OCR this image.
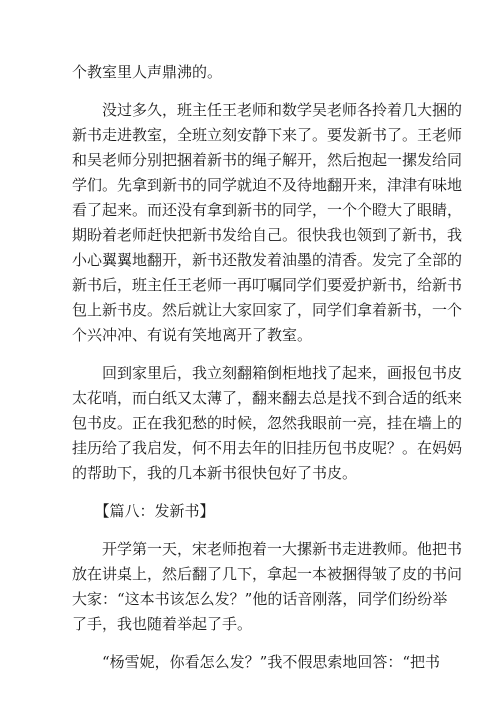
个教室里人声鼎沸的。
　　没过多久，班主任王老师和数学吴老师各拎着几大捆的
新书走进教室，全班立刻安静下来了。要发新书了。王老师
和吴老师分别把捆着新书的绳子解开，然后抱起一摞发给同
学们。先拿到新书的同学就迫不及待地翻开来，津津有味地
看了起来。而还没有拿到新书的同学，一个个瞪大了眼睛，
期盼着老师赶快把新书发给自己。很快我也领到了新书，我
小心翼翼地翻开，新书还散发着油墨的清香。发完了全部的
新书后，班主任王老师一再叮嘱同学们要爱护新书，给新书
包上新书皮。然后就让大家回家了，同学们拿着新书，一个
个兴冲冲、有说有笑地离开了教室。
　　回到家里后，我立刻翻箱倒柜地找了起来，画报包书皮
太花哨，而白纸又太薄了，翻来翻去总是找不到合适的纸来
包书皮。正在我犯愁的时候，忽然我眼前一亮，挂在墙上的
挂历给了我启发，何不用去年的旧挂历包书皮呢？。在妈妈
的帮助下，我的几本新书很快包好了书皮。
　　【篇八：发新书】
　　开学第一天，宋老师抱着一大摞新书走进教师。他把书
放在讲桌上，然后翻了几下，拿起一本被捆得皱了皮的书问
大家：“这本书该怎么发？”他的话音刚落，同学们纷纷举
了手，我也随着举起了手。
　　“杨雪妮，你看怎么发？”我不假思索地回答：“把书
